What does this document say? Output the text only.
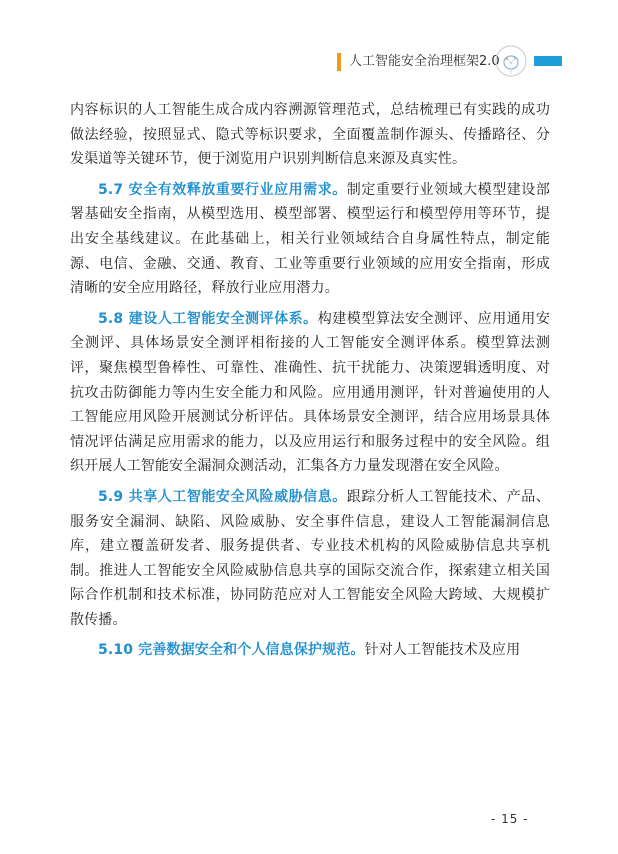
人工智能安全治理框架2.0

内容标识的人工智能生成合成内容溯源管理范式，总结梳理已有实践的成功做法经验，按照显式、隐式等标识要求，全面覆盖制作源头、传播路径、分发渠道等关键环节，便于浏览用户识别判断信息来源及真实性。

5.7 安全有效释放重要行业应用需求。制定重要行业领域大模型建设部署基础安全指南，从模型选用、模型部署、模型运行和模型停用等环节，提出安全基线建议。在此基础上，相关行业领域结合自身属性特点，制定能源、电信、金融、交通、教育、工业等重要行业领域的应用安全指南，形成清晰的安全应用路径，释放行业应用潜力。

5.8 建设人工智能安全测评体系。构建模型算法安全测评、应用通用安全测评、具体场景安全测评相衔接的人工智能安全测评体系。模型算法测评，聚焦模型鲁棒性、可靠性、准确性、抗干扰能力、决策逻辑透明度、对抗攻击防御能力等内生安全能力和风险。应用通用测评，针对普遍使用的人工智能应用风险开展测试分析评估。具体场景安全测评，结合应用场景具体情况评估满足应用需求的能力，以及应用运行和服务过程中的安全风险。组织开展人工智能安全漏洞众测活动，汇集各方力量发现潜在安全风险。

5.9 共享人工智能安全风险威胁信息。跟踪分析人工智能技术、产品、服务安全漏洞、缺陷、风险威胁、安全事件信息，建设人工智能漏洞信息库，建立覆盖研发者、服务提供者、专业技术机构的风险威胁信息共享机制。推进人工智能安全风险威胁信息共享的国际交流合作，探索建立相关国际合作机制和技术标准，协同防范应对人工智能安全风险大跨域、大规模扩散传播。

5.10 完善数据安全和个人信息保护规范。针对人工智能技术及应用

- 15 -
